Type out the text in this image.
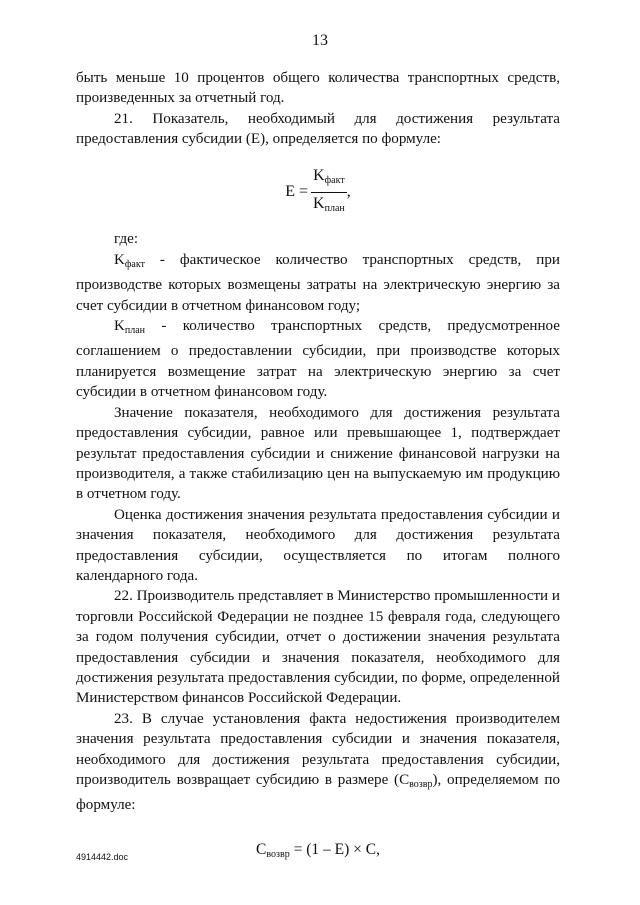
13

быть меньше 10 процентов общего количества транспортных средств, произведенных за отчетный год.

21. Показатель, необходимый для достижения результата предоставления субсидии (E), определяется по формуле:

$E = \frac{K_{факт}}{K_{план}}$ ,

где:

$K_{факт}$ - фактическое количество транспортных средств, при производстве которых возмещены затраты на электрическую энергию за счет субсидии в отчетном финансовом году;

$K_{план}$ - количество транспортных средств, предусмотренное соглашением о предоставлении субсидии, при производстве которых планируется возмещение затрат на электрическую энергию за счет субсидии в отчетном финансовом году.

Значение показателя, необходимого для достижения результата предоставления субсидии, равное или превышающее 1, подтверждает результат предоставления субсидии и снижение финансовой нагрузки на производителя, а также стабилизацию цен на выпускаемую им продукцию в отчетном году.

Оценка достижения значения результата предоставления субсидии и значения показателя, необходимого для достижения результата предоставления субсидии, осуществляется по итогам полного календарного года.

22. Производитель представляет в Министерство промышленности и торговли Российской Федерации не позднее 15 февраля года, следующего за годом получения субсидии, отчет о достижении значения результата предоставления субсидии и значения показателя, необходимого для достижения результата предоставления субсидии, по форме, определенной Министерством финансов Российской Федерации.

23. В случае установления факта недостижения производителем значения результата предоставления субсидии и значения показателя, необходимого для достижения результата предоставления субсидии, производитель возвращает субсидию в размере $(C_{возвр})$, определяемом по формуле:

$C_{возвр} = (1 - E) \times C$,
4914442.doc
